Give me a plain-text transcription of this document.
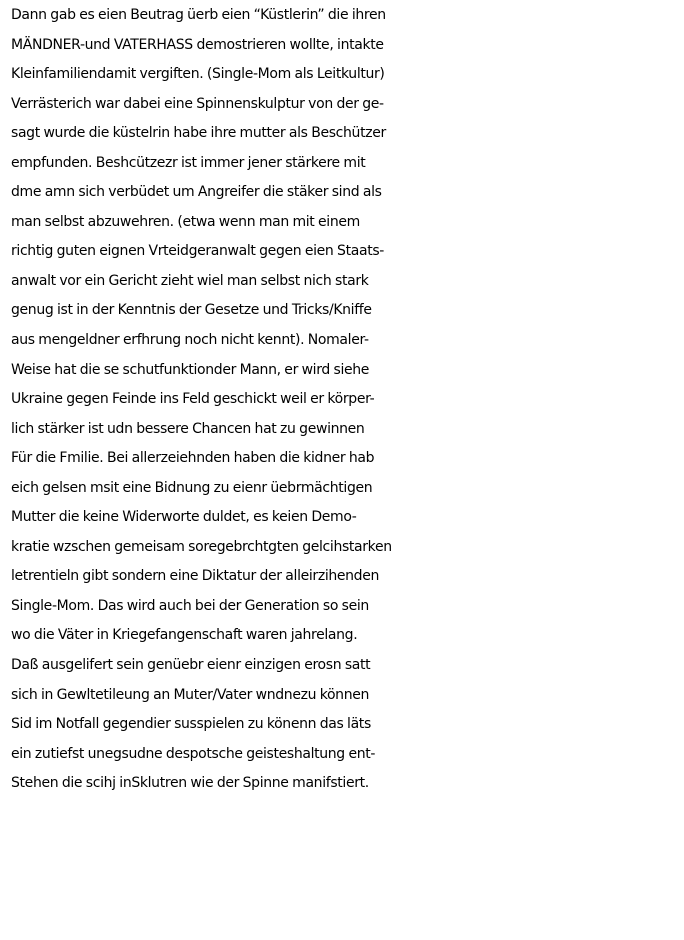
Dann gab es eien Beutrag üerb eien “Küstlerin” die ihren
MÄNDNER-und VATERHASS demostrieren wollte, intakte
Kleinfamiliendamit vergiften. (Single-Mom als Leitkultur)
Verrästerich war dabei eine Spinnenskulptur von der ge-
sagt wurde die küstelrin habe ihre mutter als Beschützer
empfunden. Beshcützezr ist immer jener stärkere mit
dme amn sich verbüdet um Angreifer die stäker sind als
man selbst abzuwehren. (etwa wenn man mit einem
richtig guten eignen Vrteidgeranwalt gegen eien Staats-
anwalt vor ein Gericht zieht wiel man selbst nich stark
genug ist in der Kenntnis der Gesetze und Tricks/Kniffe
aus mengeldner erfhrung noch nicht kennt). Nomaler-
Weise hat die se schutfunktionder Mann, er wird siehe
Ukraine gegen Feinde ins Feld geschickt weil er körper-
lich stärker ist udn bessere Chancen hat zu gewinnen
Für die Fmilie. Bei allerzeiehnden haben die kidner hab
eich gelsen msit eine Bidnung zu eienr üebrmächtigen
Mutter die keine Widerworte duldet, es keien Demo-
kratie wzschen gemeisam soregebrchtgten gelcihstarken
letrentieln gibt sondern eine Diktatur der alleirzihenden
Single-Mom. Das wird auch bei der Generation so sein
wo die Väter in Kriegefangenschaft waren jahrelang.
Daß ausgelifert sein genüebr eienr einzigen erosn satt
sich in Gewltetileung an Muter/Vater wndnezu können
Sid im Notfall gegendier susspielen zu könenn das läts
ein zutiefst unegsudne despotsche geisteshaltung ent-
Stehen die scihj inSklutren wie der Spinne manifstiert.
